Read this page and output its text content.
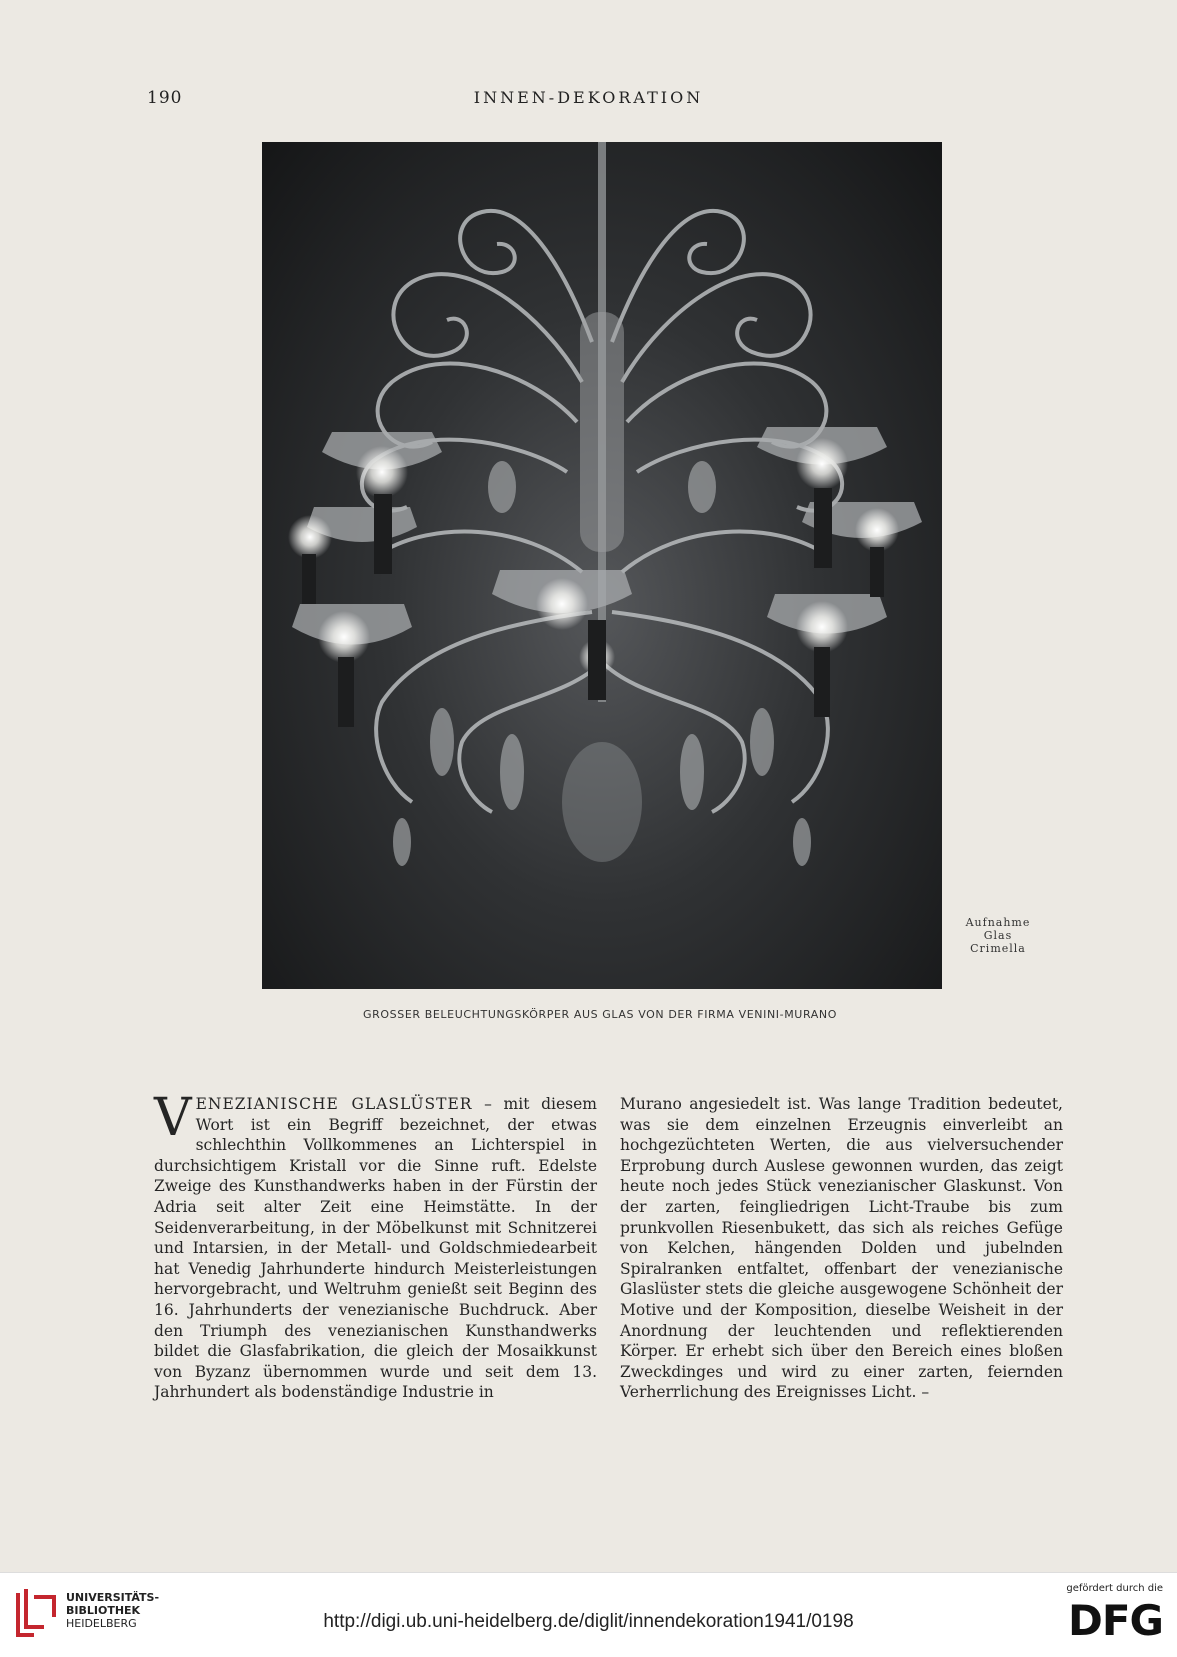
190	INNEN-DEKORATION
Aufnahme
Glas
Crimella
GROSSER BELEUCHTUNGSKÖRPER AUS GLAS VON DER FIRMA VENINI-MURANO
VENEZIANISCHE GLASLÜSTER – mit diesem Wort ist ein Begriff bezeichnet, der etwas schlechthin Vollkommenes an Lichterspiel in durchsichtigem Kristall vor die Sinne ruft. Edelste Zweige des Kunsthandwerks haben in der Fürstin der Adria seit alter Zeit eine Heimstätte. In der Seidenverarbeitung, in der Möbelkunst mit Schnitzerei und Intarsien, in der Metall- und Goldschmiedearbeit hat Venedig Jahrhunderte hindurch Meisterleistungen hervorgebracht, und Weltruhm genießt seit Beginn des 16. Jahrhunderts der venezianische Buchdruck. Aber den Triumph des venezianischen Kunsthandwerks bildet die Glasfabrikation, die gleich der Mosaikkunst von Byzanz übernommen wurde und seit dem 13. Jahrhundert als bodenständige Industrie in
Murano angesiedelt ist. Was lange Tradition bedeutet, was sie dem einzelnen Erzeugnis einverleibt an hochgezüchteten Werten, die aus vielversuchender Erprobung durch Auslese gewonnen wurden, das zeigt heute noch jedes Stück venezianischer Glaskunst. Von der zarten, feingliedrigen Licht-Traube bis zum prunkvollen Riesenbukett, das sich als reiches Gefüge von Kelchen, hängenden Dolden und jubelnden Spiralranken entfaltet, offenbart der venezianische Glaslüster stets die gleiche ausgewogene Schönheit der Motive und der Komposition, dieselbe Weisheit in der Anordnung der leuchtenden und reflektierenden Körper. Er erhebt sich über den Bereich eines bloßen Zweckdinges und wird zu einer zarten, feiernden Verherrlichung des Ereignisses Licht. –
UNIVERSITÄTS-
BIBLIOTHEK
HEIDELBERG	http://digi.ub.uni-heidelberg.de/diglit/innendekoration1941/0198
gefördert durch die
DFG
